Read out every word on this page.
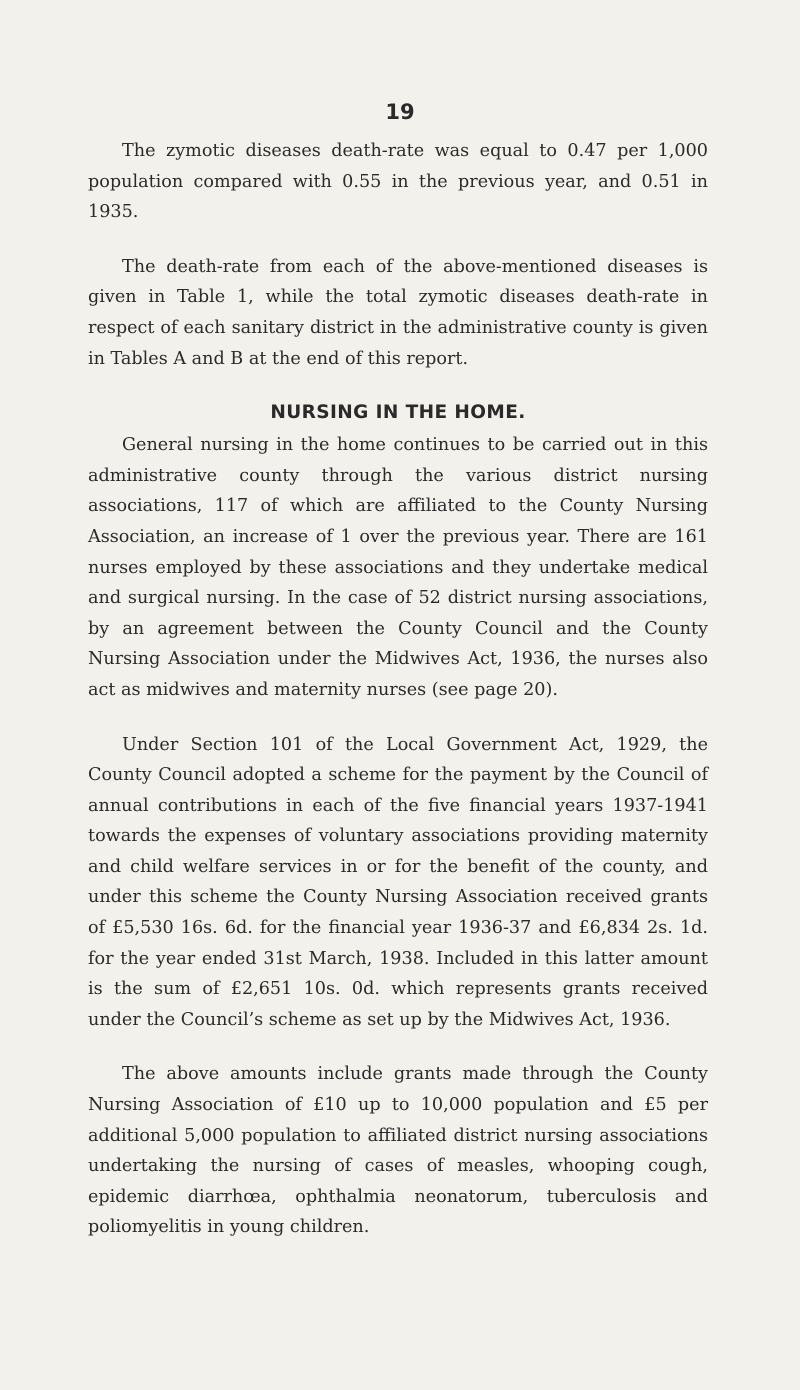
19

The zymotic diseases death-rate was equal to 0.47 per 1,000 population compared with 0.55 in the previous year, and 0.51 in 1935.

The death-rate from each of the above-mentioned diseases is given in Table 1, while the total zymotic diseases death-rate in respect of each sanitary district in the administrative county is given in Tables A and B at the end of this report.

NURSING IN THE HOME.

General nursing in the home continues to be carried out in this administrative county through the various district nursing associations, 117 of which are affiliated to the County Nursing Association, an increase of 1 over the previous year. There are 161 nurses employed by these associations and they undertake medical and surgical nursing. In the case of 52 district nursing associations, by an agreement between the County Council and the County Nursing Association under the Midwives Act, 1936, the nurses also act as midwives and maternity nurses (see page 20).

Under Section 101 of the Local Government Act, 1929, the County Council adopted a scheme for the payment by the Council of annual contributions in each of the five financial years 1937-1941 towards the expenses of voluntary associations providing maternity and child welfare services in or for the benefit of the county, and under this scheme the County Nursing Association received grants of £5,530 16s. 6d. for the financial year 1936-37 and £6,834 2s. 1d. for the year ended 31st March, 1938. Included in this latter amount is the sum of £2,651 10s. 0d. which represents grants received under the Council’s scheme as set up by the Midwives Act, 1936.

The above amounts include grants made through the County Nursing Association of £10 up to 10,000 population and £5 per additional 5,000 population to affiliated district nursing associations undertaking the nursing of cases of measles, whooping cough, epidemic diarrhœa, ophthalmia neonatorum, tuberculosis and poliomyelitis in young children.
